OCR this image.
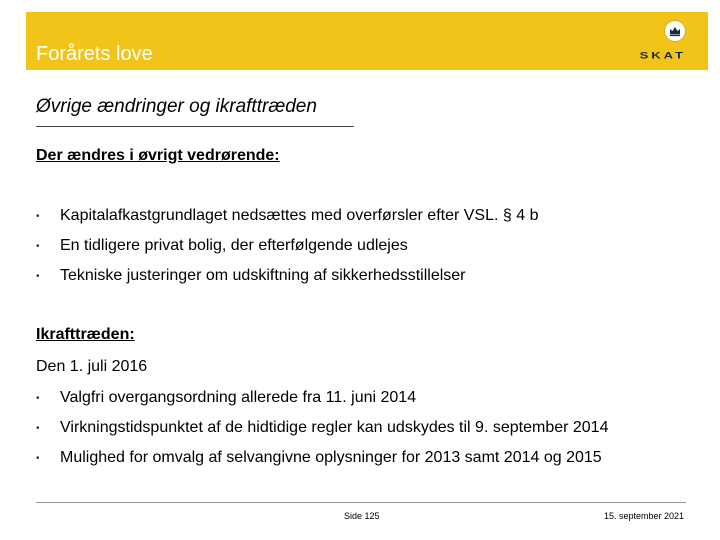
Forårets love	SKAT
Øvrige ændringer og ikrafttræden
Der ændres i øvrigt vedrørende:
• Kapitalafkastgrundlaget nedsættes med overførsler efter VSL. § 4 b
• En tidligere privat bolig, der efterfølgende udlejes
• Tekniske justeringer om udskiftning af sikkerhedsstillelser
Ikrafttræden:
Den 1. juli 2016
• Valgfri overgangsordning allerede fra 11. juni 2014
• Virkningstidspunktet af de hidtidige regler kan udskydes til 9. september 2014
• Mulighed for omvalg af selvangivne oplysninger for 2013 samt 2014 og 2015
Side 125	15. september 2021
